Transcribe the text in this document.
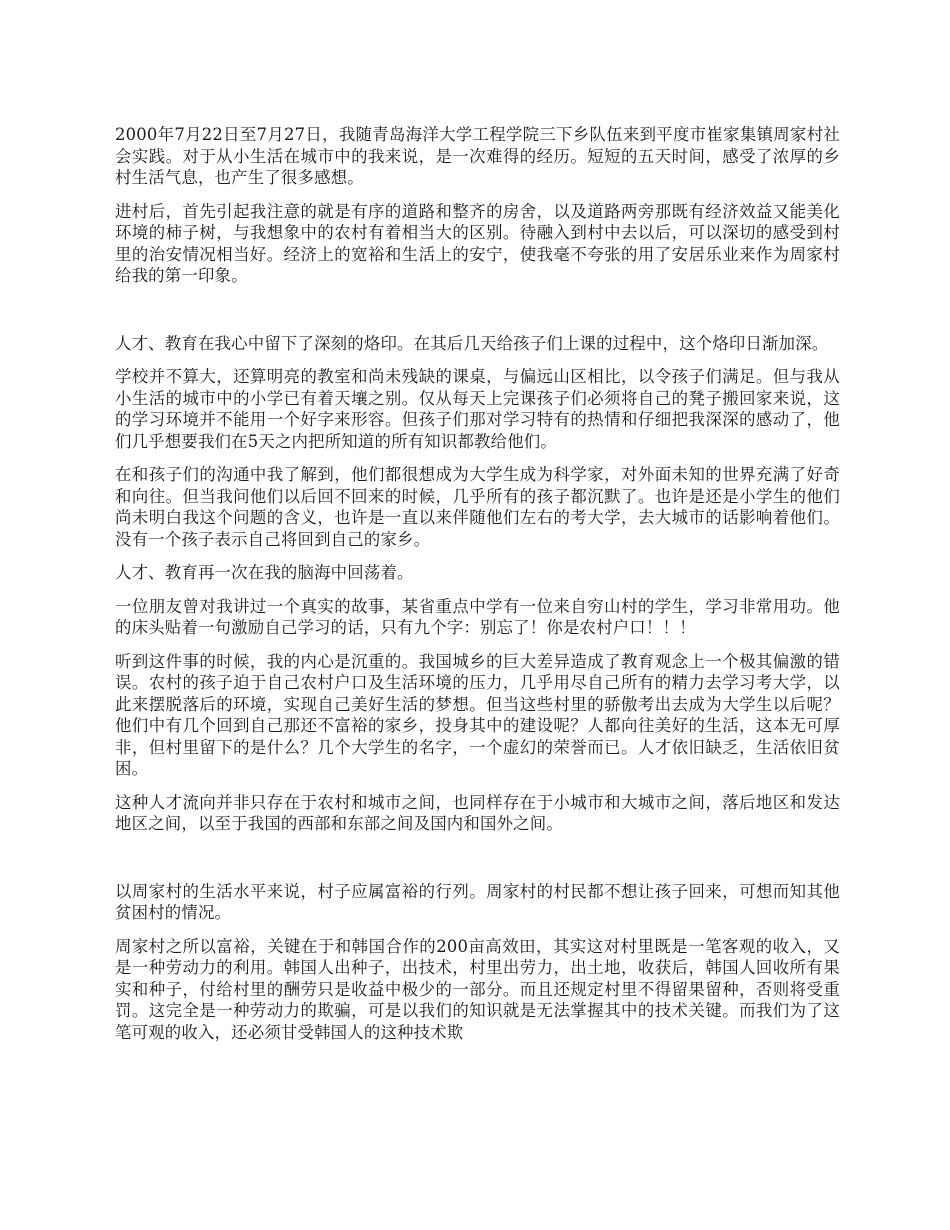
2000年7月22日至7月27日，我随青岛海洋大学工程学院三下乡队伍来到平度市崔家集镇周家村社会实践。对于从小生活在城市中的我来说，是一次难得的经历。短短的五天时间，感受了浓厚的乡村生活气息，也产生了很多感想。

进村后，首先引起我注意的就是有序的道路和整齐的房舍，以及道路两旁那既有经济效益又能美化环境的柿子树，与我想象中的农村有着相当大的区别。待融入到村中去以后，可以深切的感受到村里的治安情况相当好。经济上的宽裕和生活上的安宁，使我毫不夸张的用了安居乐业来作为周家村给我的第一印象。

人才、教育在我心中留下了深刻的烙印。在其后几天给孩子们上课的过程中，这个烙印日渐加深。

学校并不算大，还算明亮的教室和尚未残缺的课桌，与偏远山区相比，以令孩子们满足。但与我从小生活的城市中的小学已有着天壤之别。仅从每天上完课孩子们必须将自己的凳子搬回家来说，这的学习环境并不能用一个好字来形容。但孩子们那对学习特有的热情和仔细把我深深的感动了，他们几乎想要我们在5天之内把所知道的所有知识都教给他们。

在和孩子们的沟通中我了解到，他们都很想成为大学生成为科学家，对外面未知的世界充满了好奇和向往。但当我问他们以后回不回来的时候，几乎所有的孩子都沉默了。也许是还是小学生的他们尚未明白我这个问题的含义，也许是一直以来伴随他们左右的考大学，去大城市的话影响着他们。没有一个孩子表示自己将回到自己的家乡。

人才、教育再一次在我的脑海中回荡着。

一位朋友曾对我讲过一个真实的故事，某省重点中学有一位来自穷山村的学生，学习非常用功。他的床头贴着一句激励自己学习的话，只有九个字：别忘了！你是农村户口！！！

听到这件事的时候，我的内心是沉重的。我国城乡的巨大差异造成了教育观念上一个极其偏激的错误。农村的孩子迫于自己农村户口及生活环境的压力，几乎用尽自己所有的精力去学习考大学，以此来摆脱落后的环境，实现自己美好生活的梦想。但当这些村里的骄傲考出去成为大学生以后呢？他们中有几个回到自己那还不富裕的家乡，投身其中的建设呢？人都向往美好的生活，这本无可厚非，但村里留下的是什么？几个大学生的名字，一个虚幻的荣誉而已。人才依旧缺乏，生活依旧贫困。

这种人才流向并非只存在于农村和城市之间，也同样存在于小城市和大城市之间，落后地区和发达地区之间，以至于我国的西部和东部之间及国内和国外之间。

以周家村的生活水平来说，村子应属富裕的行列。周家村的村民都不想让孩子回来，可想而知其他贫困村的情况。

周家村之所以富裕，关键在于和韩国合作的200亩高效田，其实这对村里既是一笔客观的收入，又是一种劳动力的利用。韩国人出种子，出技术，村里出劳力，出土地，收获后，韩国人回收所有果实和种子，付给村里的酬劳只是收益中极少的一部分。而且还规定村里不得留果留种，否则将受重罚。这完全是一种劳动力的欺骗，可是以我们的知识就是无法掌握其中的技术关键。而我们为了这笔可观的收入，还必须甘受韩国人的这种技术欺
